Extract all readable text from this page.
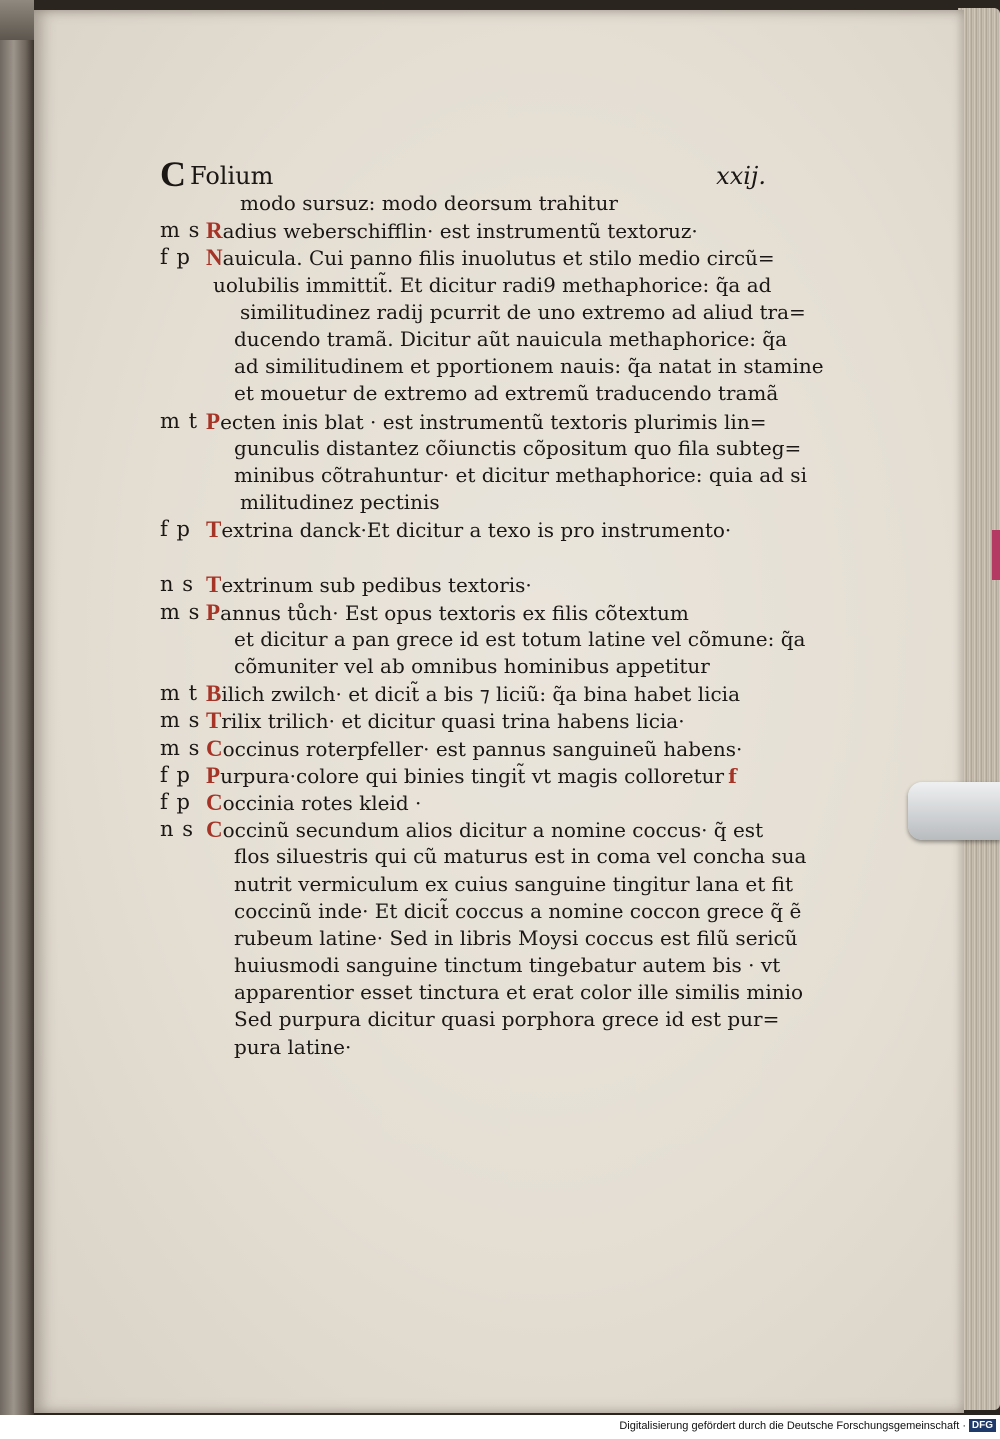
C Folium	xxij.
modo sursuz: modo deorsum trahitur
m s Radius weberschifflin· est instrumentũ textoruz·
f p Nauicula. Cui panno filis inuolutus et stilo medio circũ=
uolubilis immittit̃. Et dicitur radi9 methaphorice: q̃a ad
similitudinez radij pcurrit de uno extremo ad aliud tra=
ducendo tramã. Dicitur aũt nauicula methaphorice: q̃a
ad similitudinem et pportionem nauis: q̃a natat in stamine
et mouetur de extremo ad extremũ traducendo tramã
m t Pecten inis blat · est instrumentũ textoris plurimis lin=
gunculis distantez cõiunctis cõpositum quo fila subteg=
minibus cõtrahuntur· et dicitur methaphorice: quia ad si
militudinez pectinis
f p Textrina danck·Et dicitur a texo is pro instrumento·
n s Textrinum sub pedibus textoris·
m s Pannus tůch· Est opus textoris ex filis cõtextum
et dicitur a pan grece id est totum latine vel cõmune: q̃a
cõmuniter vel ab omnibus hominibus appetitur
m t Bilich zwilch· et dicit̃ a bis ⁊ liciũ: q̃a bina habet licia
m s Trilix trilich· et dicitur quasi trina habens licia·
m s Coccinus roterpfeller· est pannus sanguineũ habens·
f p Purpura·colore qui binies tingit̃ vt magis colloretur f
f p Coccinia rotes kleid ·
n s Coccinũ secundum alios dicitur a nomine coccus· q̃ est
flos siluestris qui cũ maturus est in coma vel concha sua
nutrit vermiculum ex cuius sanguine tingitur lana et fit
coccinũ inde· Et dicit̃ coccus a nomine coccon grece q̃ ẽ
rubeum latine· Sed in libris Moysi coccus est filũ sericũ
huiusmodi sanguine tinctum tingebatur autem bis · vt
apparentior esset tinctura et erat color ille similis minio
Sed purpura dicitur quasi porphora grece id est pur=
pura latine·
Digitalisierung gefördert durch die Deutsche Forschungsgemeinschaft · DFG
